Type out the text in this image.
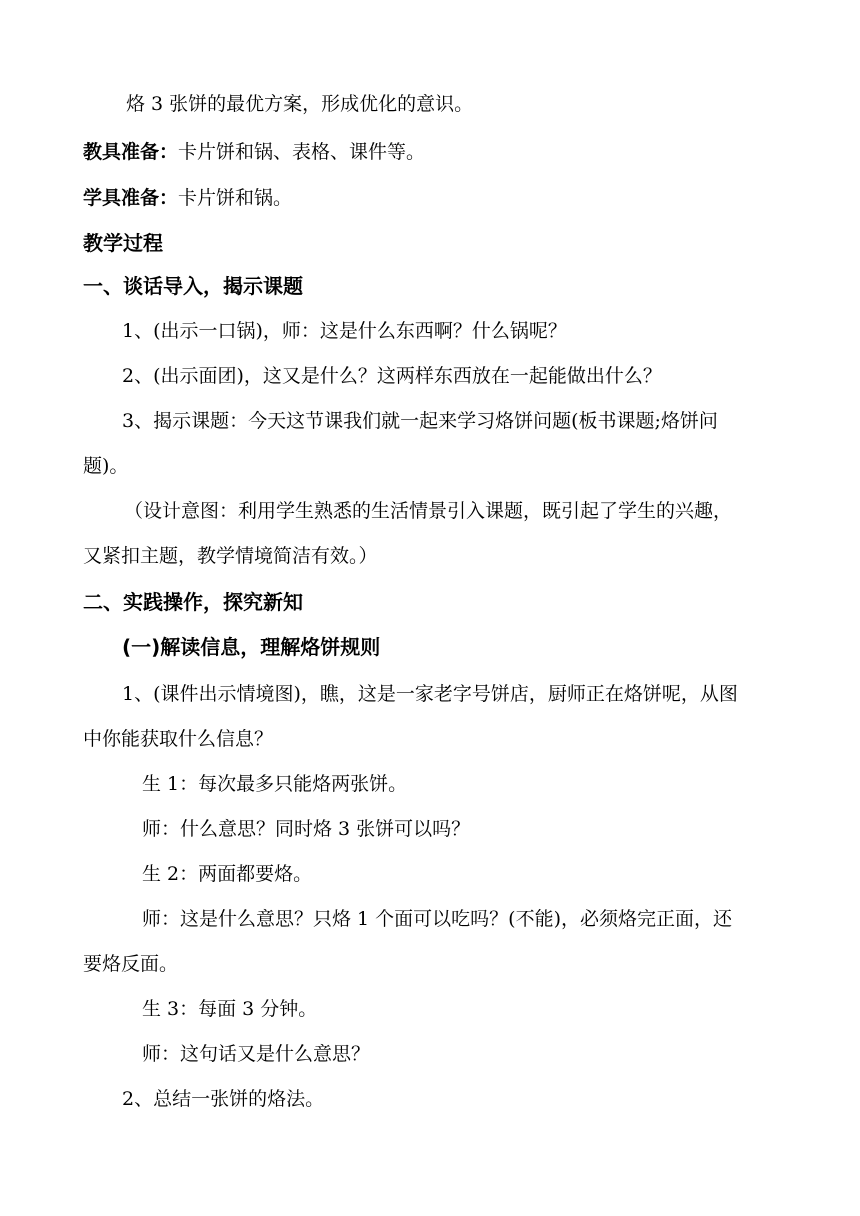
烙 3 张饼的最优方案，形成优化的意识。
教具准备：卡片饼和锅、表格、课件等。
学具准备：卡片饼和锅。
教学过程
一、谈话导入，揭示课题
1、(出示一口锅)，师：这是什么东西啊？什么锅呢？
2、(出示面团)，这又是什么？这两样东西放在一起能做出什么？
3、揭示课题：今天这节课我们就一起来学习烙饼问题(板书课题;烙饼问
题)。
（设计意图：利用学生熟悉的生活情景引入课题，既引起了学生的兴趣，
又紧扣主题，教学情境简洁有效。）
二、实践操作，探究新知
(一)解读信息，理解烙饼规则
1、(课件出示情境图)，瞧，这是一家老字号饼店，厨师正在烙饼呢，从图
中你能获取什么信息？
生 1：每次最多只能烙两张饼。
师：什么意思？同时烙 3 张饼可以吗？
生 2：两面都要烙。
师：这是什么意思？只烙 1 个面可以吃吗？(不能)，必须烙完正面，还
要烙反面。
生 3：每面 3 分钟。
师：这句话又是什么意思？
2、总结一张饼的烙法。
